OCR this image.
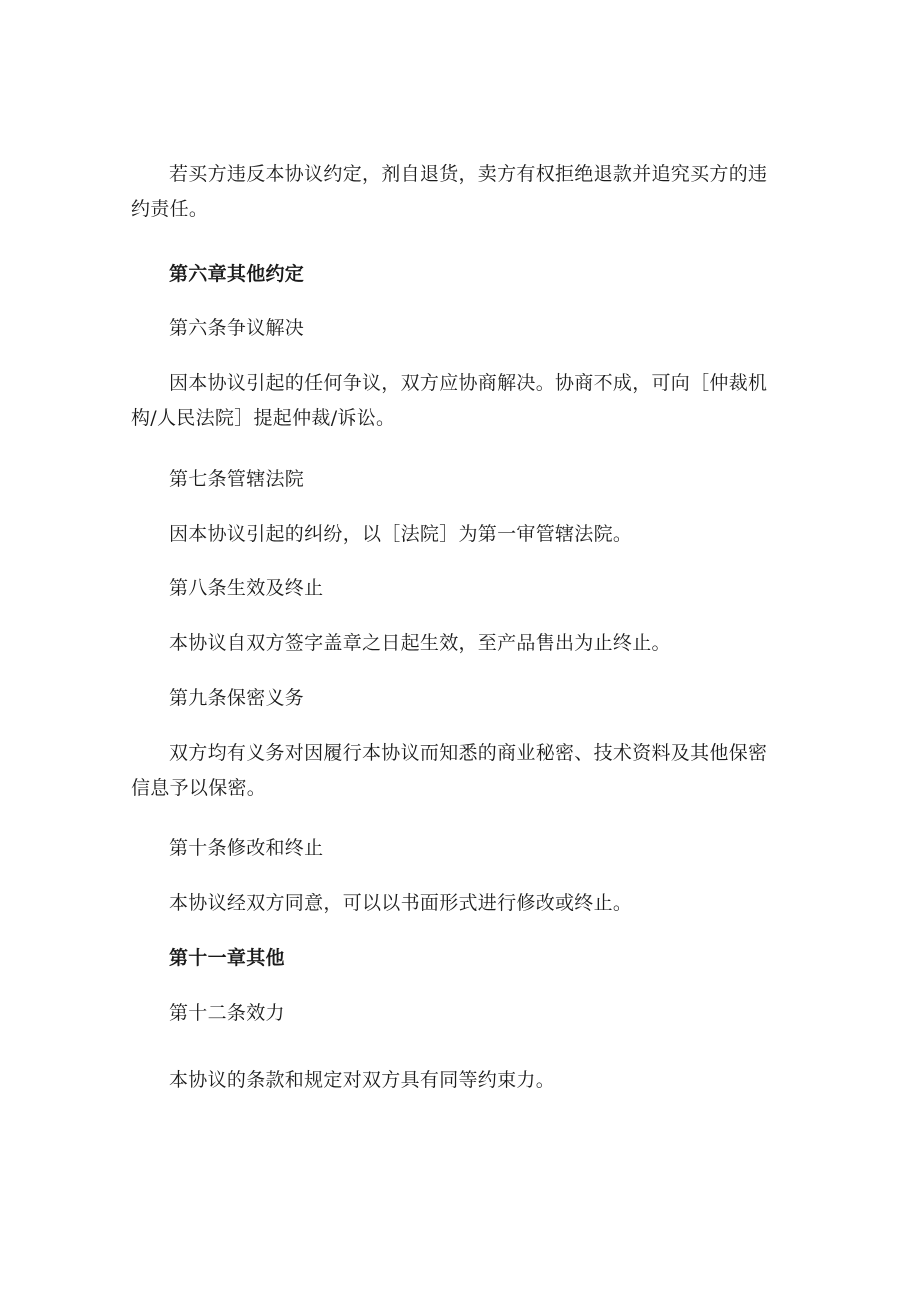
若买方违反本协议约定，剂自退货，卖方有权拒绝退款并追究买方的违约责任。

第六章其他约定

第六条争议解决

因本协议引起的任何争议，双方应协商解决。协商不成，可向［仲裁机构/人民法院］提起仲裁/诉讼。

第七条管辖法院

因本协议引起的纠纷，以［法院］为第一审管辖法院。

第八条生效及终止

本协议自双方签字盖章之日起生效，至产品售出为止终止。

第九条保密义务

双方均有义务对因履行本协议而知悉的商业秘密、技术资料及其他保密信息予以保密。

第十条修改和终止

本协议经双方同意，可以以书面形式进行修改或终止。

第十一章其他

第十二条效力

本协议的条款和规定对双方具有同等约束力。
